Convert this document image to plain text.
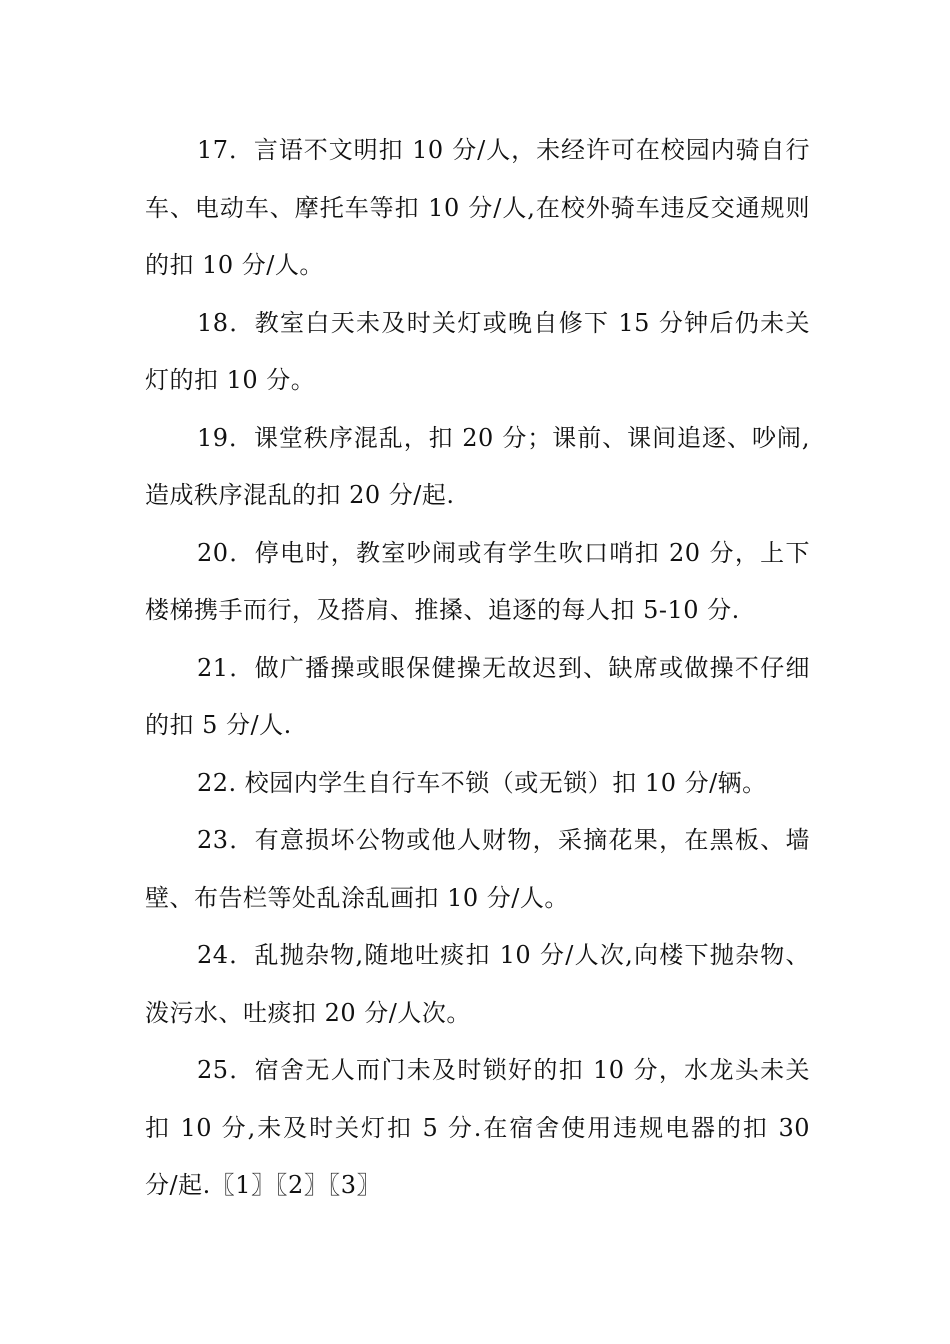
17．言语不文明扣 10 分/人，未经许可在校园内骑自行车、电动车、摩托车等扣 10 分/人,在校外骑车违反交通规则的扣 10 分/人。

18．教室白天未及时关灯或晚自修下 15 分钟后仍未关灯的扣 10 分。

19．课堂秩序混乱，扣 20 分；课前、课间追逐、吵闹,造成秩序混乱的扣 20 分/起.

20．停电时，教室吵闹或有学生吹口哨扣 20 分，上下楼梯携手而行，及搭肩、推搡、追逐的每人扣 5-10 分.

21．做广播操或眼保健操无故迟到、缺席或做操不仔细的扣 5 分/人.

22. 校园内学生自行车不锁（或无锁）扣 10 分/辆。

23．有意损坏公物或他人财物，采摘花果，在黑板、墙壁、布告栏等处乱涂乱画扣 10 分/人。

24．乱抛杂物,随地吐痰扣 10 分/人次,向楼下抛杂物、泼污水、吐痰扣 20 分/人次。

25．宿舍无人而门未及时锁好的扣 10 分，水龙头未关扣 10 分,未及时关灯扣 5 分.在宿舍使用违规电器的扣 30 分/起.〖1〗〖2〗〖3〗
